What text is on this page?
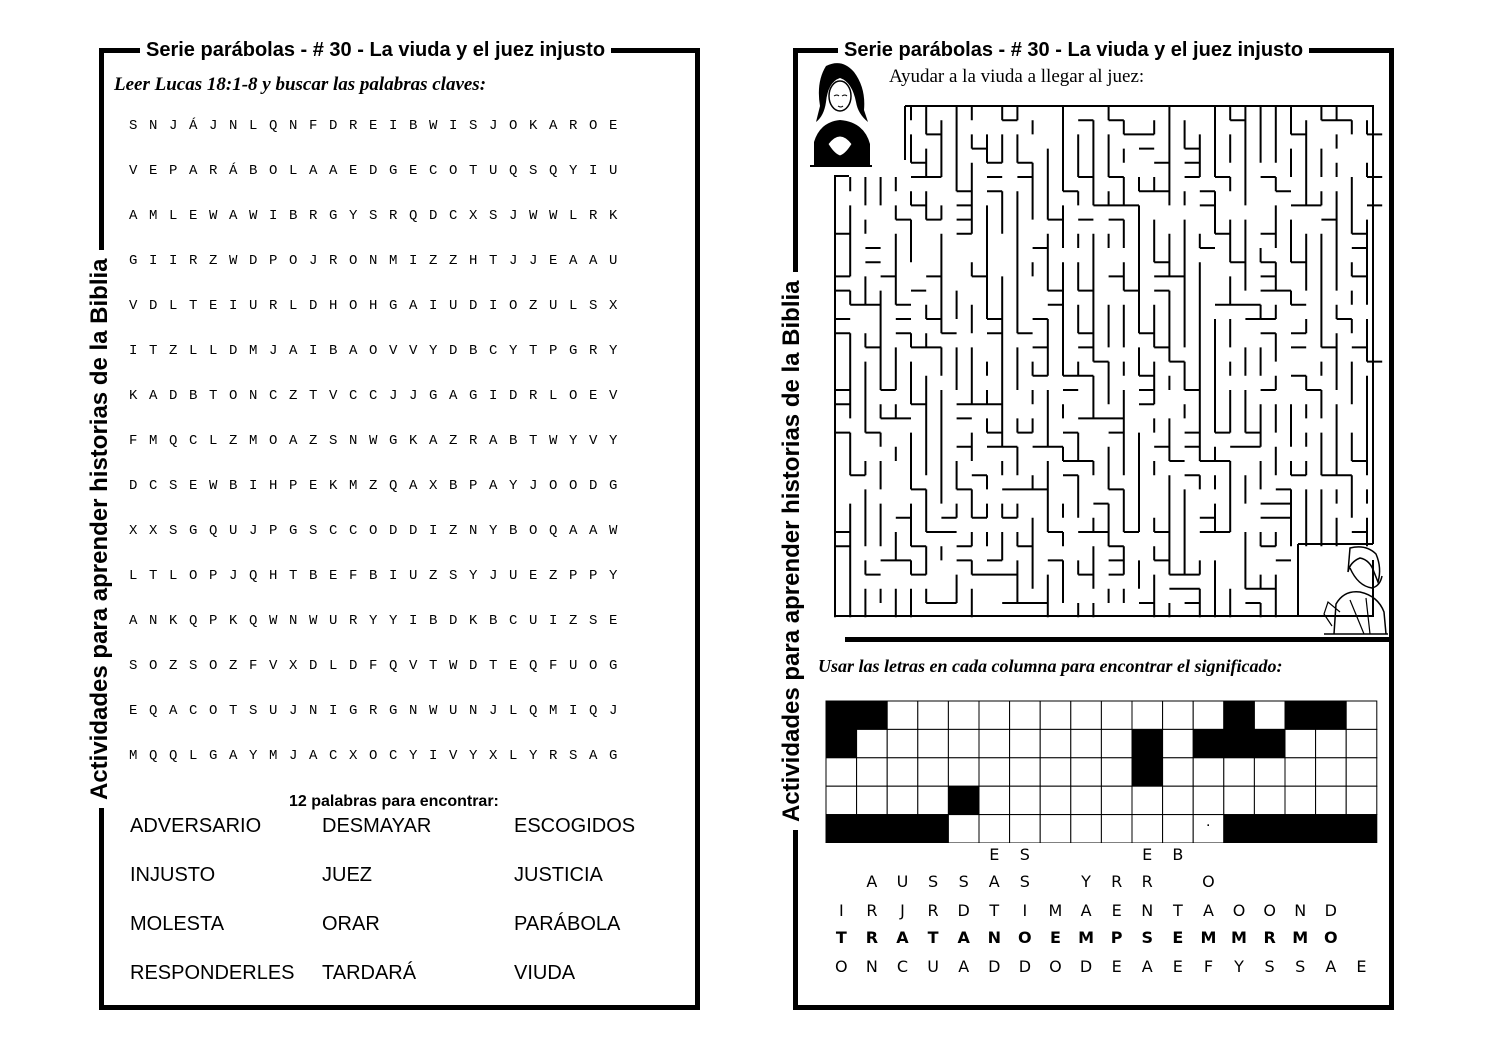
Serie parábolas - # 30 - La viuda y el juez injusto
Actividades para aprender historias de la Biblia
Leer Lucas 18:1-8 y buscar las palabras claves:
S N J Á J N L Q N F D R E I B W I S J O K A R O E
V E P A R Á B O L A A E D G E C O T U Q S Q Y I U
A M L E W A W I B R G Y S R Q D C X S J W W L R K
G I I R Z W D P O J R O N M I Z Z H T J J E A A U
V D L T E I U R L D H O H G A I U D I O Z U L S X
I T Z L L D M J A I B A O V V Y D B C Y T P G R Y
K A D B T O N C Z T V C C J J G A G I D R L O E V
F M Q C L Z M O A Z S N W G K A Z R A B T W Y V Y
D C S E W B I H P E K M Z Q A X B P A Y J O O D G
X X S G Q U J P G S C C O D D I Z N Y B O Q A A W
L T L O P J Q H T B E F B I U Z S Y J U E Z P P Y
A N K Q P K Q W N W U R Y Y I B D K B C U I Z S E
S O Z S O Z F V X D L D F Q V T W D T E Q F U O G
E Q A C O T S U J N I G R G N W U N J L Q M I Q J
M Q Q L G A Y M J A C X O C Y I V Y X L Y R S A G
12 palabras para encontrar:
ADVERSARIO	DESMAYAR	ESCOGIDOS
INJUSTO	JUEZ	JUSTICIA
MOLESTA	ORAR	PARÁBOLA
RESPONDERLES TARDARÁ	VIUDA
Serie parábolas - # 30 - La viuda y el juez injusto
Actividades para aprender historias de la Biblia
Ayudar a la viuda a llegar al juez:
Usar las letras en cada columna para encontrar el significado:
.
E S	E B
A U S S A S	Y R R	O
I R J R D T I M A E N T A O O N D
T R A T A N O E M P S E M M R M O
O N C U A D D O D E A E F Y S S A E
